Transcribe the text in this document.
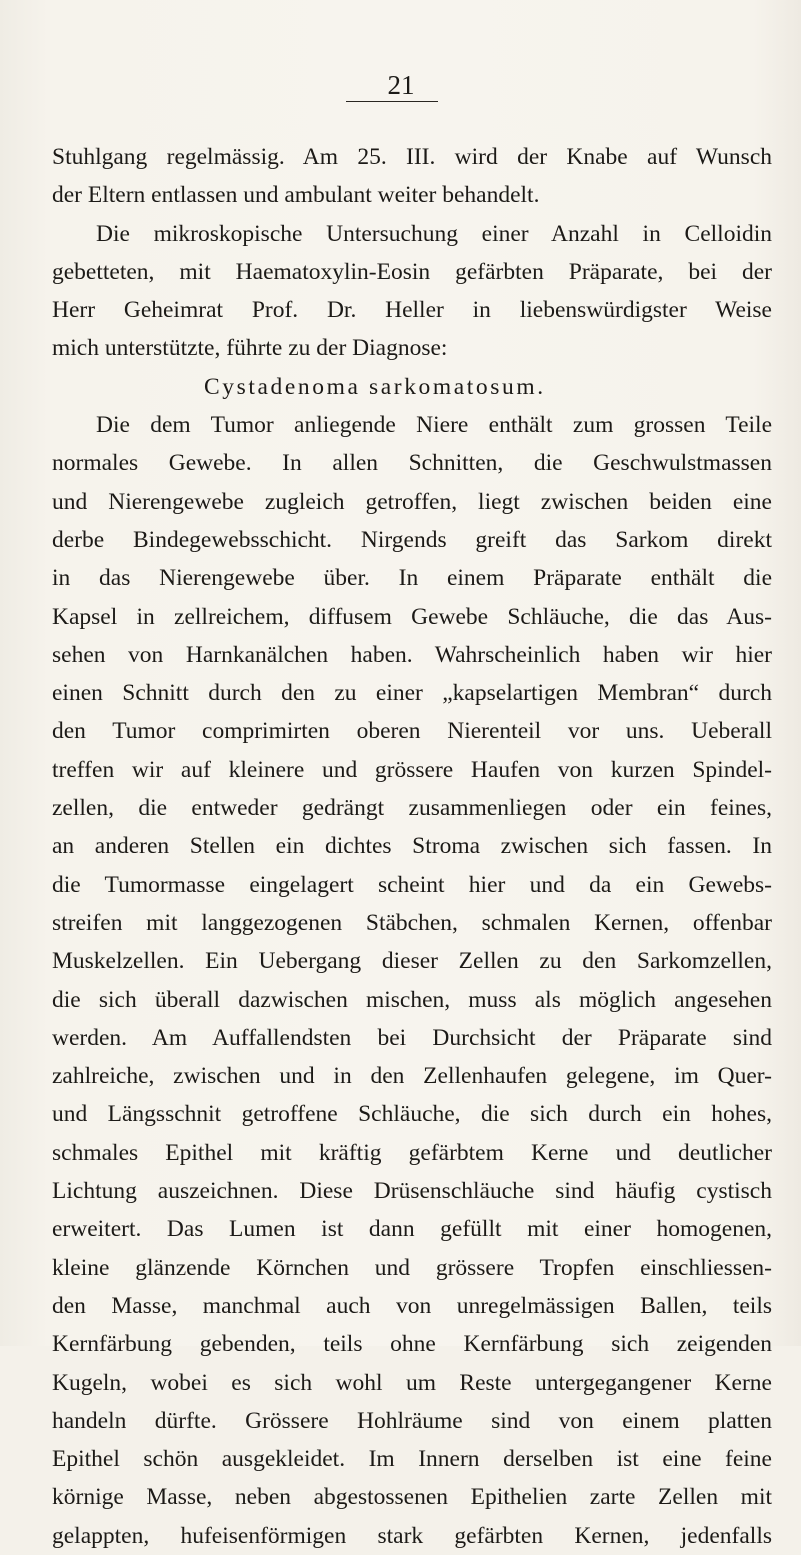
21
Stuhlgang regelmässig. Am 25. III. wird der Knabe auf Wunsch
der Eltern entlassen und ambulant weiter behandelt.
Die mikroskopische Untersuchung einer Anzahl in Celloidin
gebetteten, mit Haematoxylin-Eosin gefärbten Präparate, bei der
Herr Geheimrat Prof. Dr. Heller in liebenswürdigster Weise
mich unterstützte, führte zu der Diagnose:
Cystadenoma sarkomatosum.
Die dem Tumor anliegende Niere enthält zum grossen Teile
normales Gewebe. In allen Schnitten, die Geschwulstmassen
und Nierengewebe zugleich getroffen, liegt zwischen beiden eine
derbe Bindegewebsschicht. Nirgends greift das Sarkom direkt
in das Nierengewebe über. In einem Präparate enthält die
Kapsel in zellreichem, diffusem Gewebe Schläuche, die das Aus-
sehen von Harnkanälchen haben. Wahrscheinlich haben wir hier
einen Schnitt durch den zu einer „kapselartigen Membran“ durch
den Tumor comprimirten oberen Nierenteil vor uns. Ueberall
treffen wir auf kleinere und grössere Haufen von kurzen Spindel-
zellen, die entweder gedrängt zusammenliegen oder ein feines,
an anderen Stellen ein dichtes Stroma zwischen sich fassen. In
die Tumormasse eingelagert scheint hier und da ein Gewebs-
streifen mit langgezogenen Stäbchen, schmalen Kernen, offenbar
Muskelzellen. Ein Uebergang dieser Zellen zu den Sarkomzellen,
die sich überall dazwischen mischen, muss als möglich angesehen
werden. Am Auffallendsten bei Durchsicht der Präparate sind
zahlreiche, zwischen und in den Zellenhaufen gelegene, im Quer-
und Längsschnit getroffene Schläuche, die sich durch ein hohes,
schmales Epithel mit kräftig gefärbtem Kerne und deutlicher
Lichtung auszeichnen. Diese Drüsenschläuche sind häufig cystisch
erweitert. Das Lumen ist dann gefüllt mit einer homogenen,
kleine glänzende Körnchen und grössere Tropfen einschliessen-
den Masse, manchmal auch von unregelmässigen Ballen, teils
Kernfärbung gebenden, teils ohne Kernfärbung sich zeigenden
Kugeln, wobei es sich wohl um Reste untergegangener Kerne
handeln dürfte. Grössere Hohlräume sind von einem platten
Epithel schön ausgekleidet. Im Innern derselben ist eine feine
körnige Masse, neben abgestossenen Epithelien zarte Zellen mit
gelappten, hufeisenförmigen stark gefärbten Kernen, jedenfalls
